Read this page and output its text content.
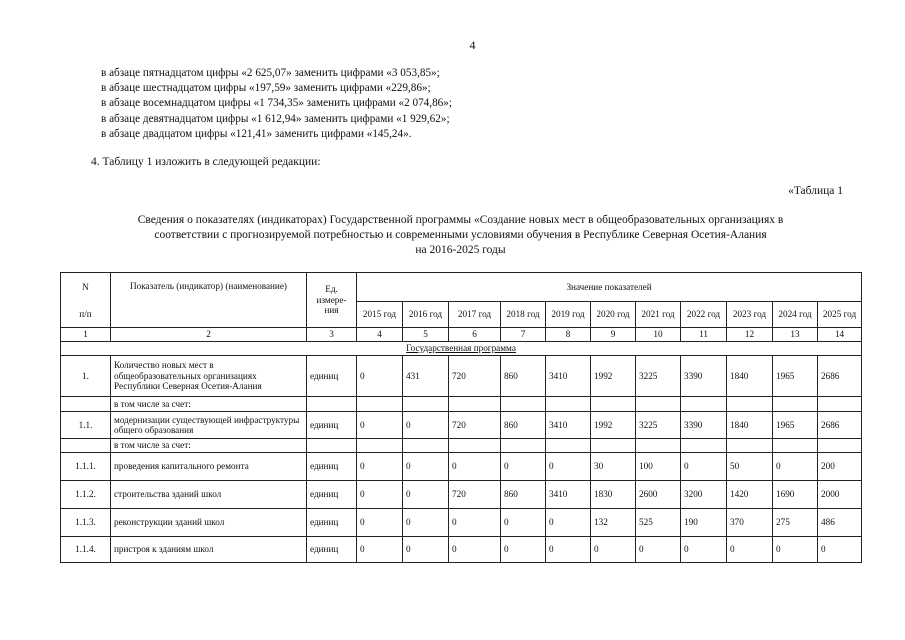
4
в абзаце пятнадцатом цифры «2 625,07» заменить цифрами «3 053,85»;
в абзаце шестнадцатом цифры «197,59» заменить цифрами «229,86»;
в абзаце восемнадцатом цифры «1 734,35» заменить цифрами «2 074,86»;
в абзаце девятнадцатом цифры «1 612,94» заменить цифрами «1 929,62»;
в абзаце двадцатом цифры «121,41» заменить цифрами «145,24».
4. Таблицу 1 изложить в следующей редакции:
«Таблица 1
Сведения о показателях (индикаторах) Государственной программы «Создание новых мест в общеобразовательных организациях в
соответствии с прогнозируемой потребностью и современными условиями обучения в Республике Северная Осетия-Алания
на 2016-2025 годы
N	Показатель (индикатор) (наименование)	Ед. измере-ния	Значение показателей										
п/п			2015 год	2016 год	2017 год	2018 год	2019 год	2020 год	2021 год	2022 год	2023 год	2024 год	2025 год
1	2	3	4	5	6	7	8	9	10	11	12	13	14
Государственная программа													
1.	Количество новых мест в общеобразовательных организациях Республики Северная Осетия-Алания	единиц	0	431	720	860	3410	1992	3225	3390	1840	1965	2686
	в том числе за счет:												
1.1.	модернизации существующей инфраструктуры общего образования	единиц	0	0	720	860	3410	1992	3225	3390	1840	1965	2686
	в том числе за счет:												
1.1.1.	проведения капитального ремонта	единиц	0	0	0	0	0	30	100	0	50	0	200
1.1.2.	строительства зданий школ	единиц	0	0	720	860	3410	1830	2600	3200	1420	1690	2000
1.1.3.	реконструкции зданий школ	единиц	0	0	0	0	0	132	525	190	370	275	486
1.1.4.	пристроя к зданиям школ	единиц	0	0	0	0	0	0	0	0	0	0	0
